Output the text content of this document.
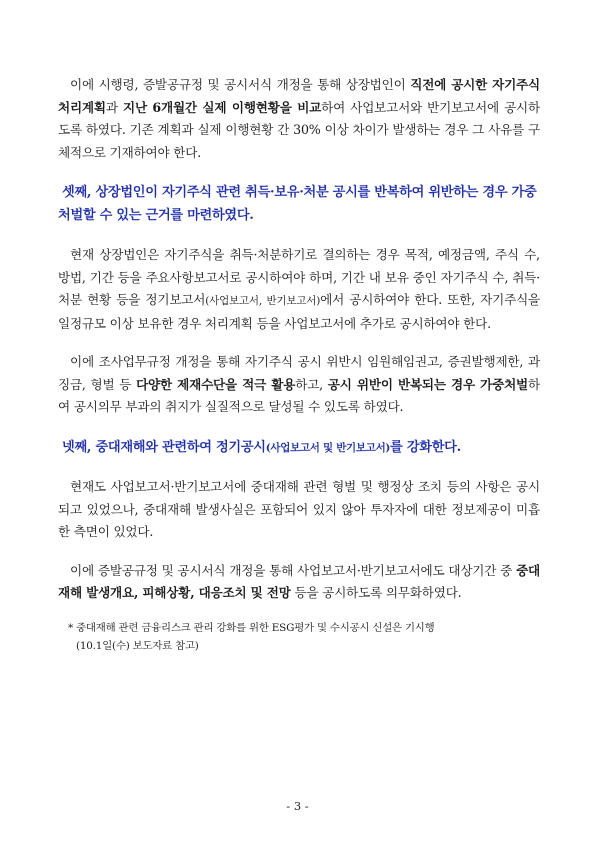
이에 시행령, 증발공규정 및 공시서식 개정을 통해 상장법인이 직전에 공시한 자기주식 처리계획과 지난 6개월간 실제 이행현황을 비교하여 사업보고서와 반기보고서에 공시하도록 하였다. 기존 계획과 실제 이행현황 간 30% 이상 차이가 발생하는 경우 그 사유를 구체적으로 기재하여야 한다.

셋째, 상장법인이 자기주식 관련 취득·보유·처분 공시를 반복하여 위반하는 경우 가중처벌할 수 있는 근거를 마련하였다.

현재 상장법인은 자기주식을 취득·처분하기로 결의하는 경우 목적, 예정금액, 주식 수, 방법, 기간 등을 주요사항보고서로 공시하여야 하며, 기간 내 보유 중인 자기주식 수, 취득·처분 현황 등을 정기보고서(사업보고서, 반기보고서)에서 공시하여야 한다. 또한, 자기주식을 일정규모 이상 보유한 경우 처리계획 등을 사업보고서에 추가로 공시하여야 한다.

이에 조사업무규정 개정을 통해 자기주식 공시 위반시 임원해임권고, 증권발행제한, 과징금, 형벌 등 다양한 제재수단을 적극 활용하고, 공시 위반이 반복되는 경우 가중처벌하여 공시의무 부과의 취지가 실질적으로 달성될 수 있도록 하였다.

넷째, 중대재해와 관련하여 정기공시(사업보고서 및 반기보고서)를 강화한다.

현재도 사업보고서·반기보고서에 중대재해 관련 형벌 및 행정상 조치 등의 사항은 공시되고 있었으나, 중대재해 발생사실은 포함되어 있지 않아 투자자에 대한 정보제공이 미흡한 측면이 있었다.

이에 증발공규정 및 공시서식 개정을 통해 사업보고서·반기보고서에도 대상기간 중 중대재해 발생개요, 피해상황, 대응조치 및 전망 등을 공시하도록 의무화하였다.

* 중대재해 관련 금융리스크 관리 강화를 위한 ESG평가 및 수시공시 신설은 기시행
(10.1일(수) 보도자료 참고)

- 3 -
